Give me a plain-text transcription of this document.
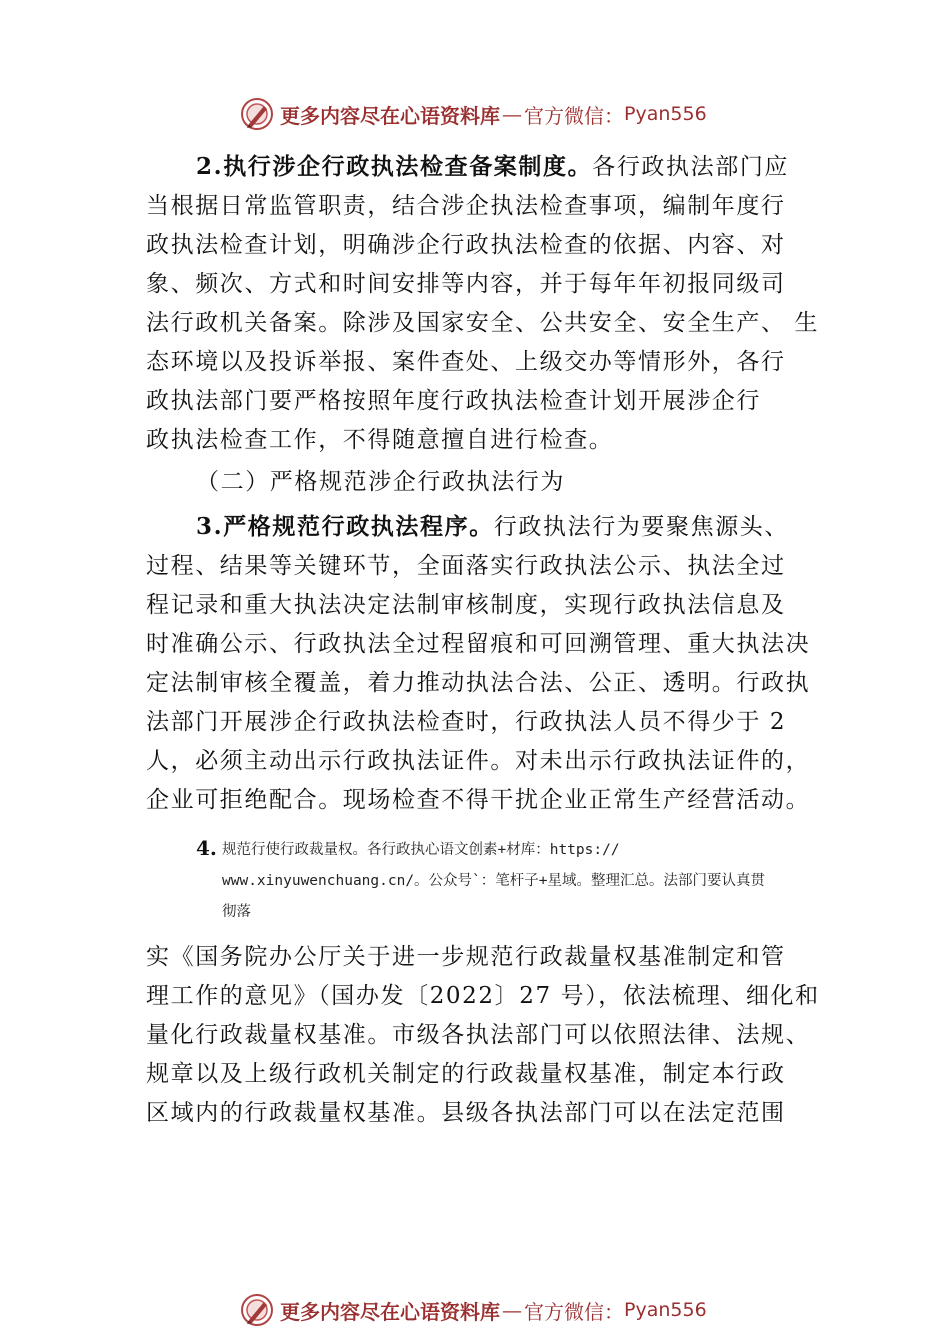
更多内容尽在心语资料库 — 官方微信： Pyan556
2.执行涉企行政执法检查备案制度。各行政执法部门应
当根据日常监管职责，结合涉企执法检查事项，编制年度行
政执法检查计划，明确涉企行政执法检查的依据、内容、对
象、频次、方式和时间安排等内容，并于每年年初报同级司
法行政机关备案。除涉及国家安全、公共安全、安全生产、 生
态环境以及投诉举报、案件查处、上级交办等情形外，各行
政执法部门要严格按照年度行政执法检查计划开展涉企行
政执法检查工作，不得随意擅自进行检查。
（二）严格规范涉企行政执法行为
3.严格规范行政执法程序。行政执法行为要聚焦源头、
过程、结果等关键环节，全面落实行政执法公示、执法全过
程记录和重大执法决定法制审核制度，实现行政执法信息及
时准确公示、行政执法全过程留痕和可回溯管理、重大执法决
定法制审核全覆盖，着力推动执法合法、公正、透明。行政执
法部门开展涉企行政执法检查时，行政执法人员不得少于 2
人，必须主动出示行政执法证件。对未出示行政执法证件的，
企业可拒绝配合。现场检查不得干扰企业正常生产经营活动。
4. 规范行使行政裁量权。各行政执心语文创素+材库：https://
www.xinyuwenchuang.cn/。公众号`：笔杆子+星域。整理汇总。法部门要认真贯
彻落
实《国务院办公厅关于进一步规范行政裁量权基准制定和管
理工作的意见》（国办发〔2022〕27 号），依法梳理、细化和
量化行政裁量权基准。市级各执法部门可以依照法律、法规、
规章以及上级行政机关制定的行政裁量权基准，制定本行政
区域内的行政裁量权基准。县级各执法部门可以在法定范围
更多内容尽在心语资料库 — 官方微信： Pyan556
